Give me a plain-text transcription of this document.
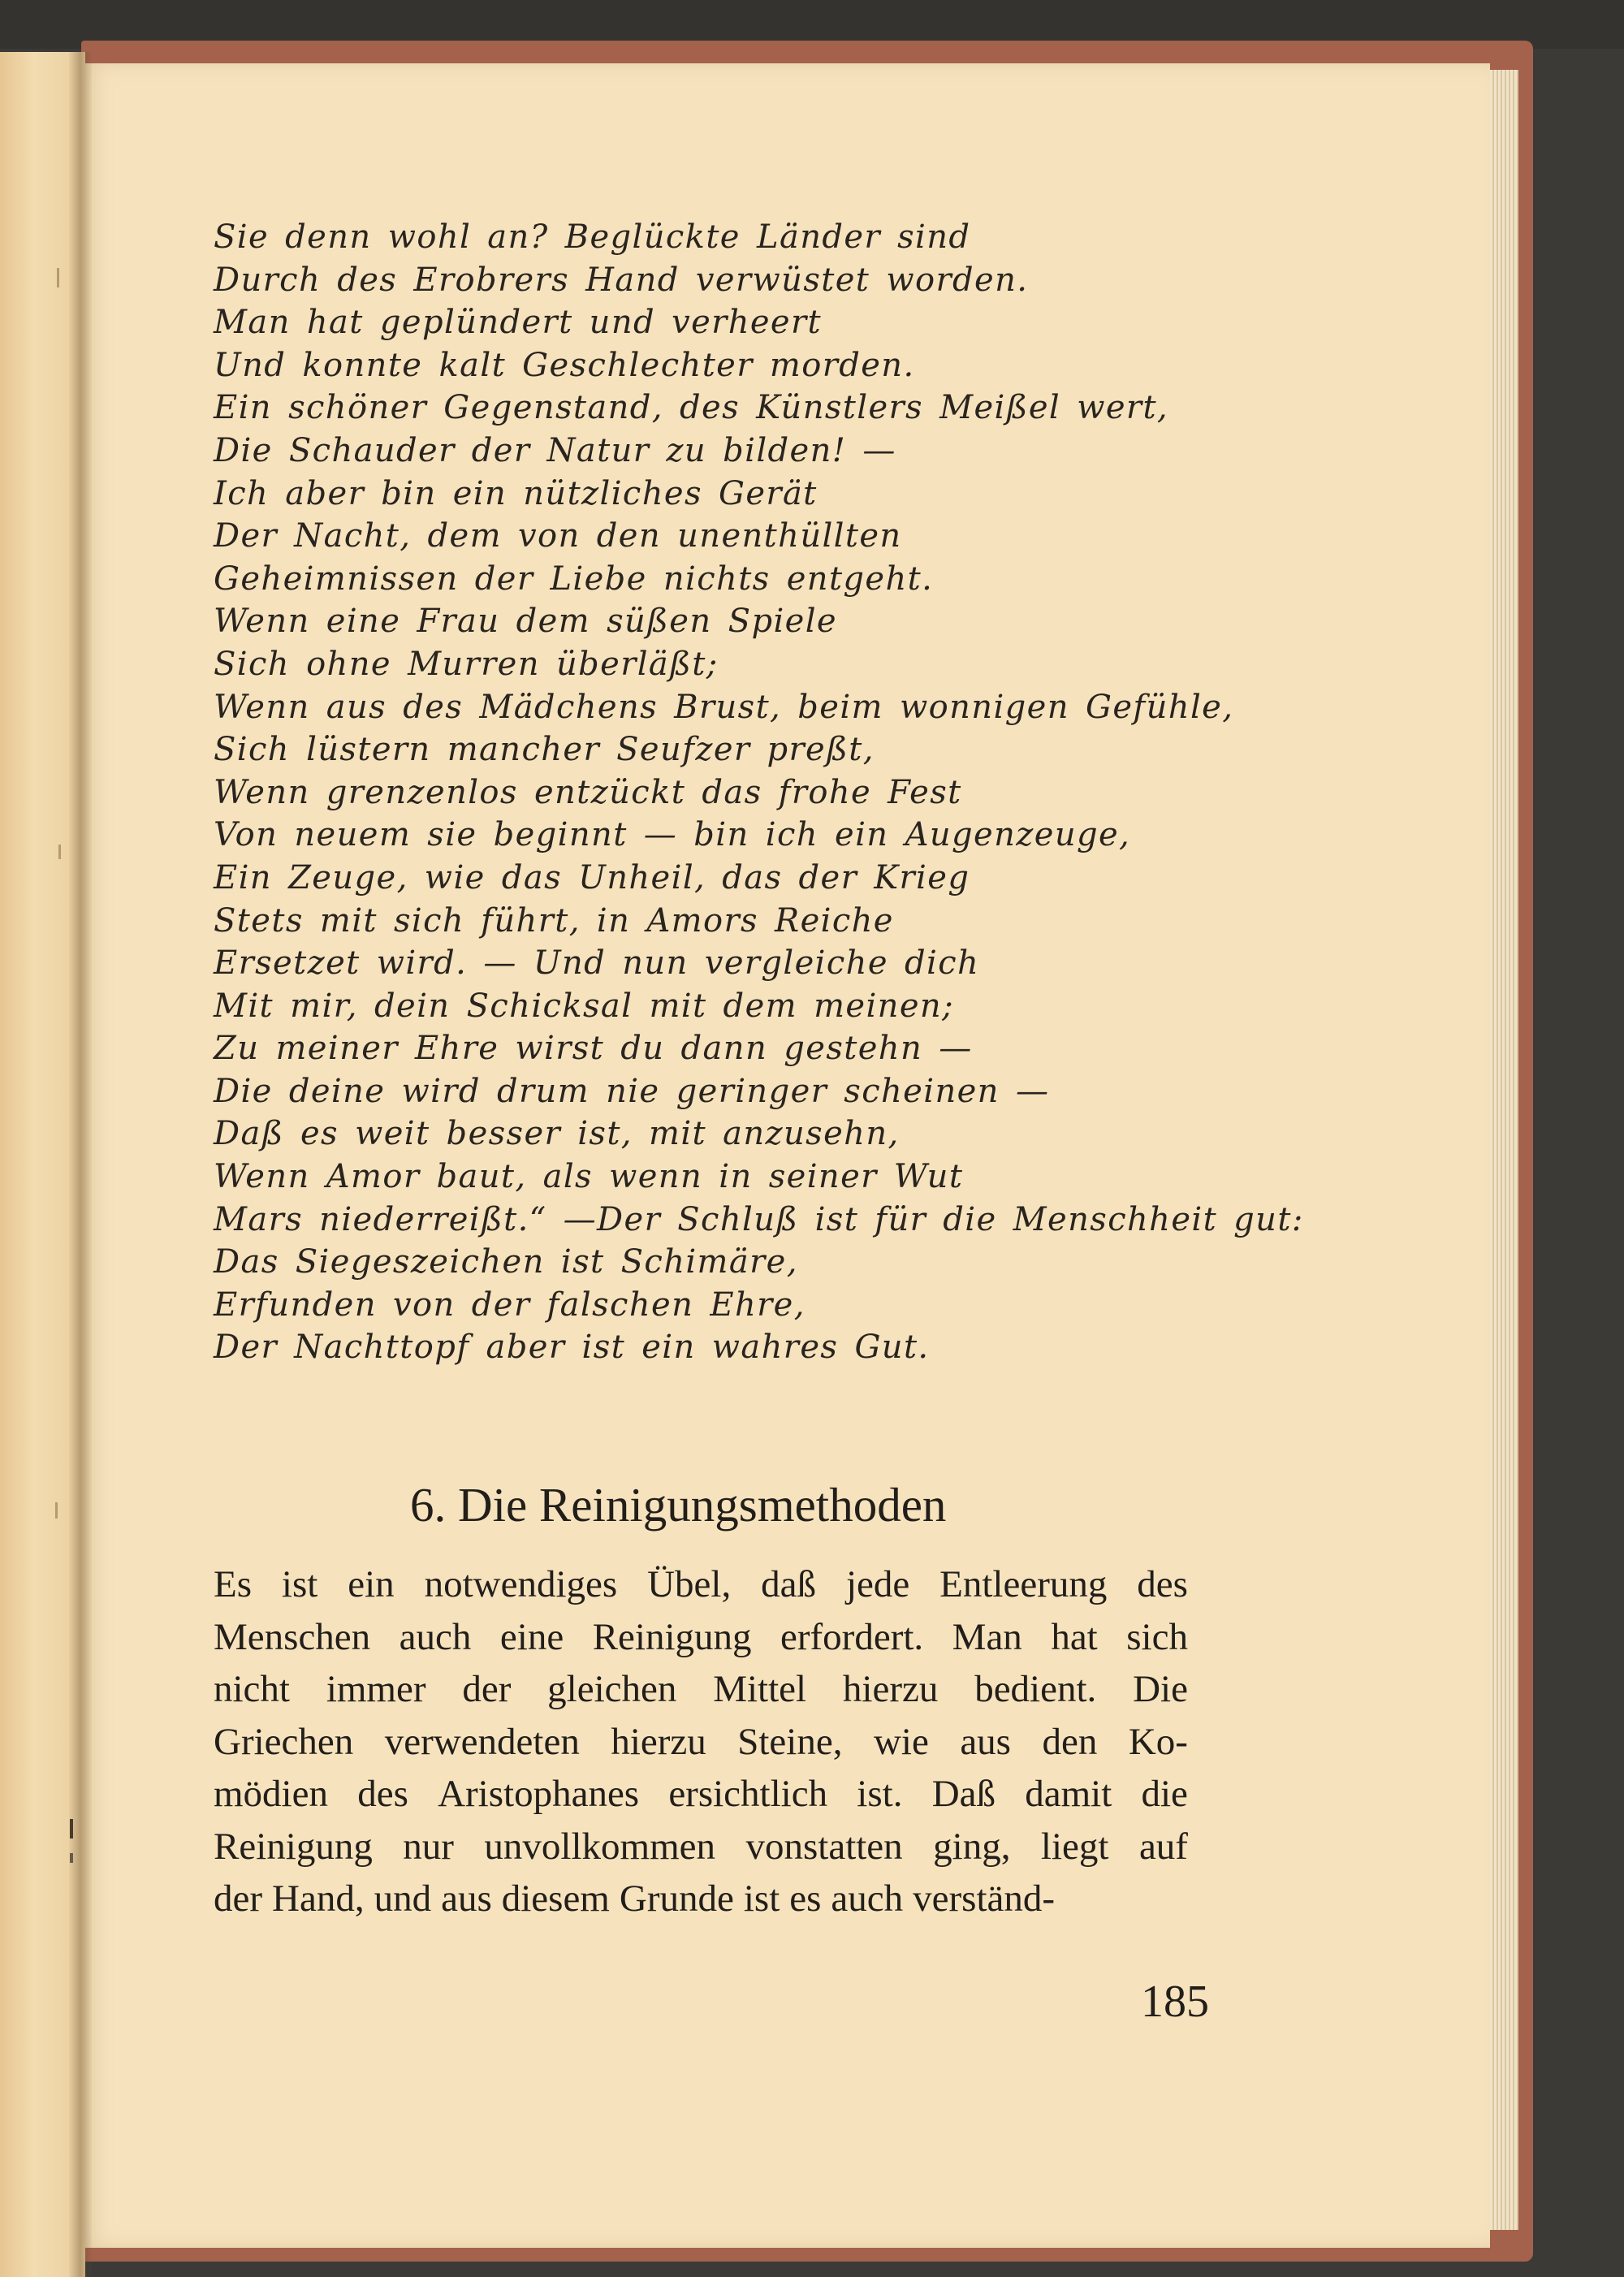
Sie denn wohl an? Beglückte Länder sind
Durch des Erobrers Hand verwüstet worden.
Man hat geplündert und verheert
Und konnte kalt Geschlechter morden.
Ein schöner Gegenstand, des Künstlers Meißel wert,
Die Schauder der Natur zu bilden! —
Ich aber bin ein nützliches Gerät
Der Nacht, dem von den unenthüllten
Geheimnissen der Liebe nichts entgeht.
Wenn eine Frau dem süßen Spiele
Sich ohne Murren überläßt;
Wenn aus des Mädchens Brust, beim wonnigen Gefühle,
Sich lüstern mancher Seufzer preßt,
Wenn grenzenlos entzückt das frohe Fest
Von neuem sie beginnt — bin ich ein Augenzeuge,
Ein Zeuge, wie das Unheil, das der Krieg
Stets mit sich führt, in Amors Reiche
Ersetzet wird. — Und nun vergleiche dich
Mit mir, dein Schicksal mit dem meinen;
Zu meiner Ehre wirst du dann gestehn —
Die deine wird drum nie geringer scheinen —
Daß es weit besser ist, mit anzusehn,
Wenn Amor baut, als wenn in seiner Wut
Mars niederreißt.“ —Der Schluß ist für die Menschheit gut:
Das Siegeszeichen ist Schimäre,
Erfunden von der falschen Ehre,
Der Nachttopf aber ist ein wahres Gut.
6. Die Reinigungsmethoden
Es ist ein notwendiges Übel, daß jede Entleerung des
Menschen auch eine Reinigung erfordert. Man hat sich
nicht immer der gleichen Mittel hierzu bedient. Die
Griechen verwendeten hierzu Steine, wie aus den Ko-
mödien des Aristophanes ersichtlich ist. Daß damit die
Reinigung nur unvollkommen vonstatten ging, liegt auf
der Hand, und aus diesem Grunde ist es auch verständ-
185
